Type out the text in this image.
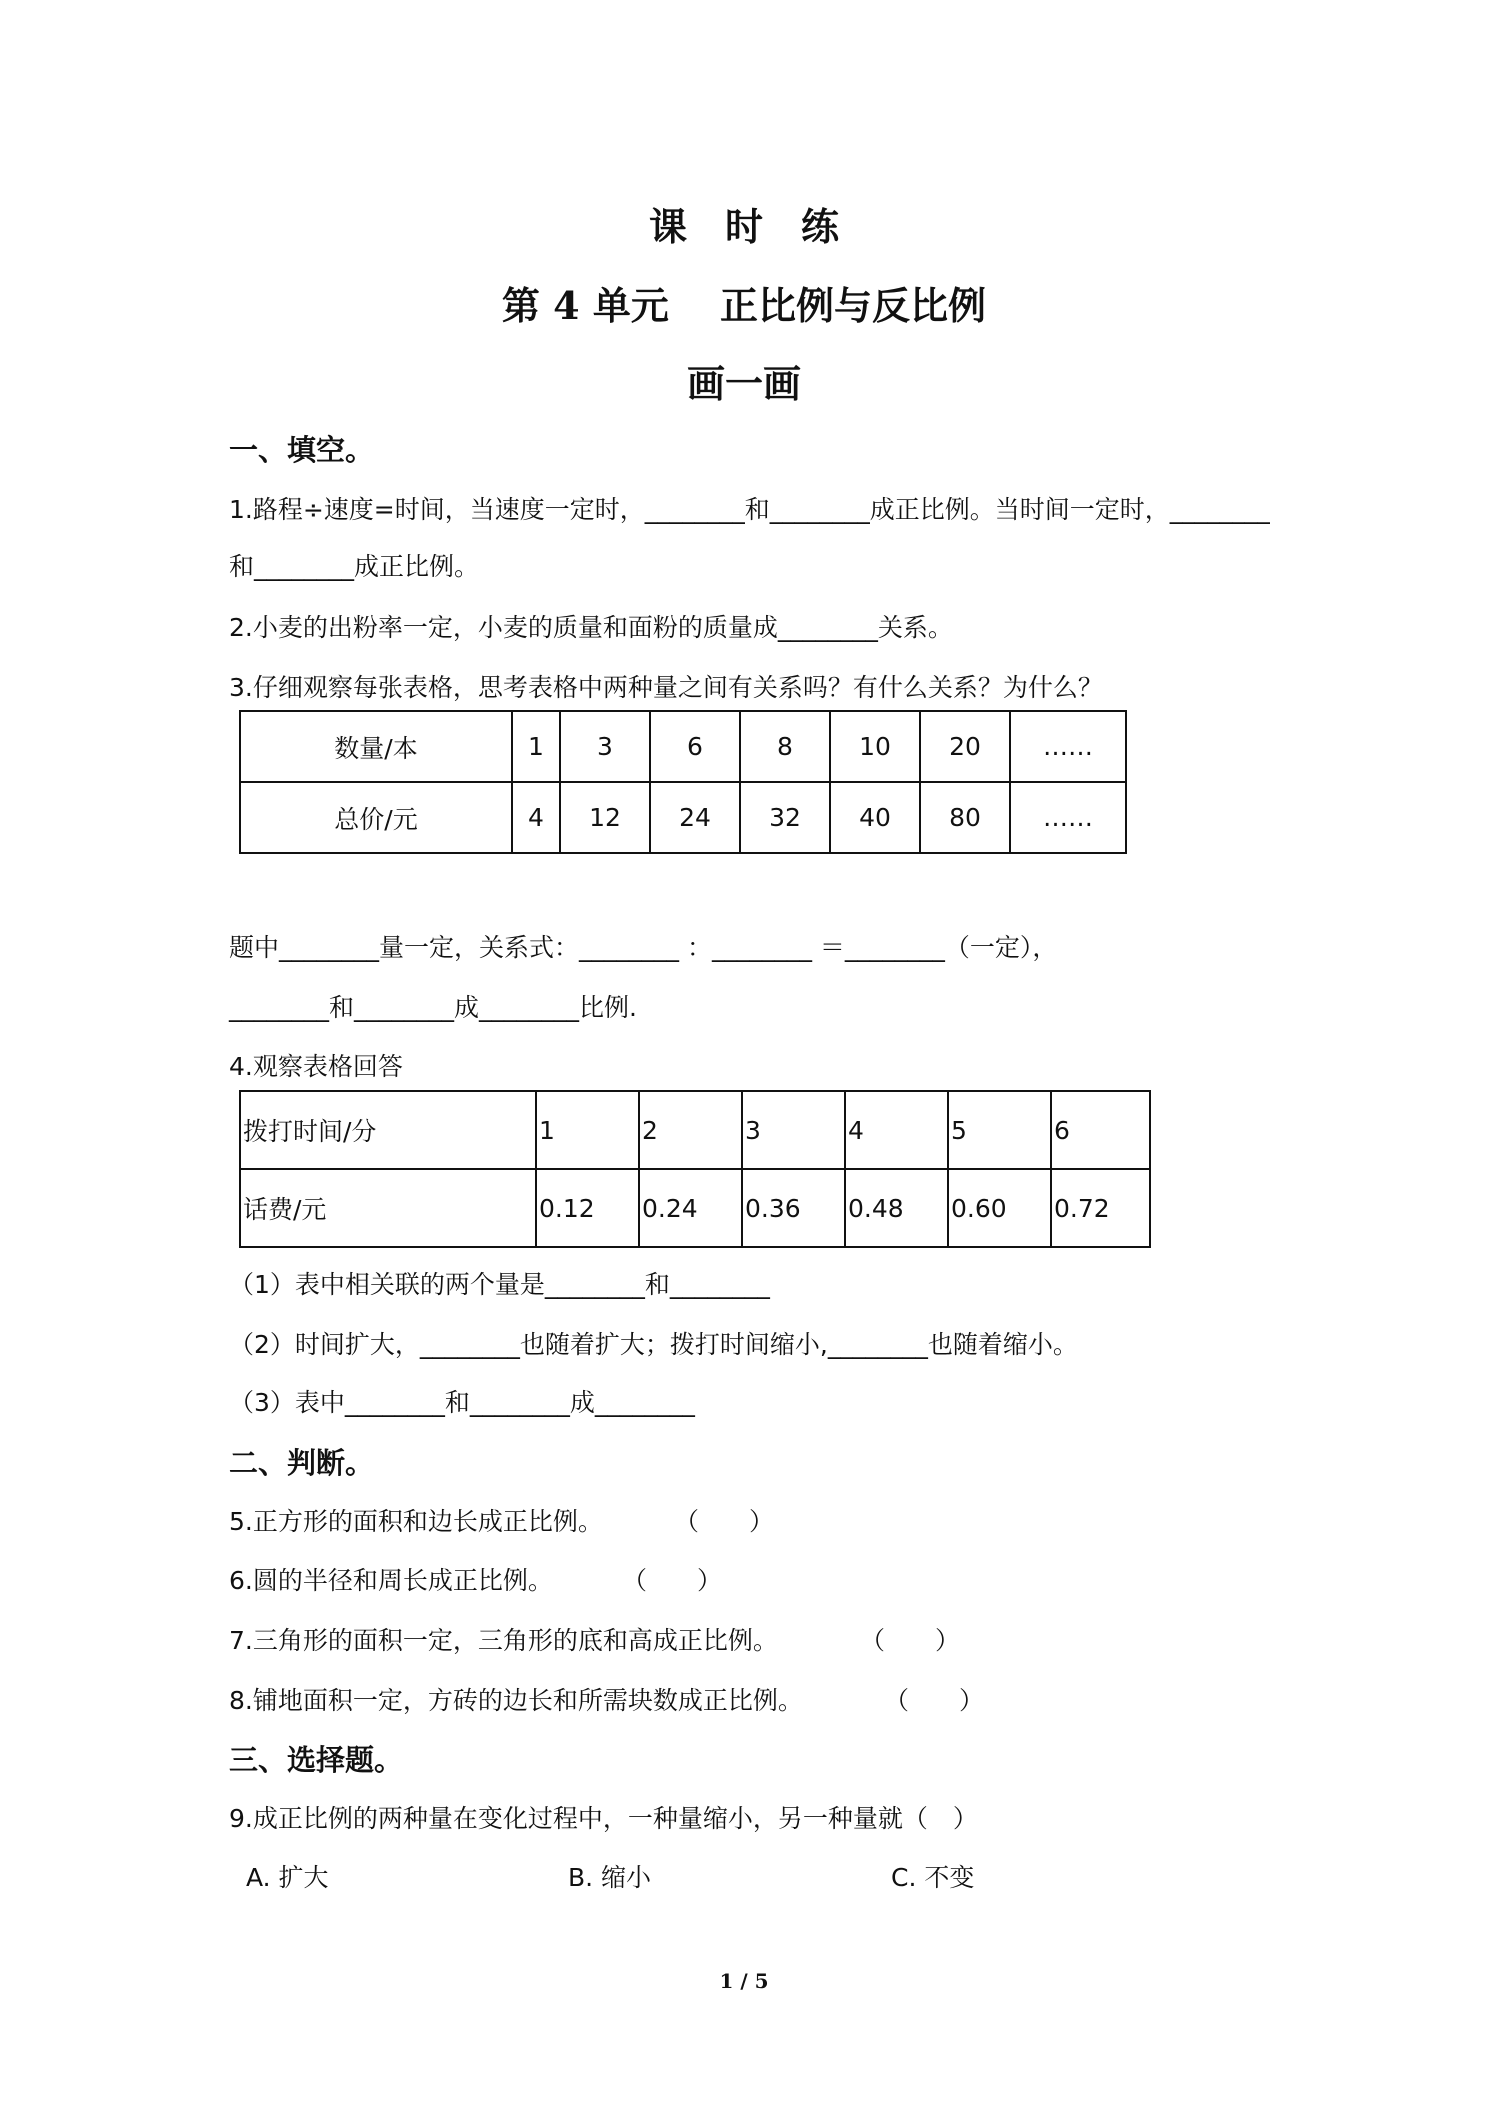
课　时　练
第 4 单元　 正比例与反比例
画一画
一、填空。
1.路程÷速度=时间，当速度一定时，________和________成正比例。当时间一定时，________
和________成正比例。
2.小麦的出粉率一定，小麦的质量和面粉的质量成________关系。
3.仔细观察每张表格，思考表格中两种量之间有关系吗？有什么关系？为什么？
数量/本	1	3	6	8	10	20	……
总价/元	4	12	24	32	40	80	……
题中________量一定，关系式：________ ：________ ＝________（一定），
________和________成________比例.
4.观察表格回答
拨打时间/分	1	2	3	4	5	6
话费/元	0.12	0.24	0.36	0.48	0.60	0.72
（1）表中相关联的两个量是________和________
（2）时间扩大，________也随着扩大；拨打时间缩小,________也随着缩小。
（3）表中________和________成________
二、判断。
5.正方形的面积和边长成正比例。	（　　）
6.圆的半径和周长成正比例。	（　　）
7.三角形的面积一定，三角形的底和高成正比例。	（　　）
8.铺地面积一定，方砖的边长和所需块数成正比例。	（　　）
三、选择题。
9.成正比例的两种量在变化过程中，一种量缩小，另一种量就（　）
A. 扩大	B. 缩小	C. 不变
1 / 5
